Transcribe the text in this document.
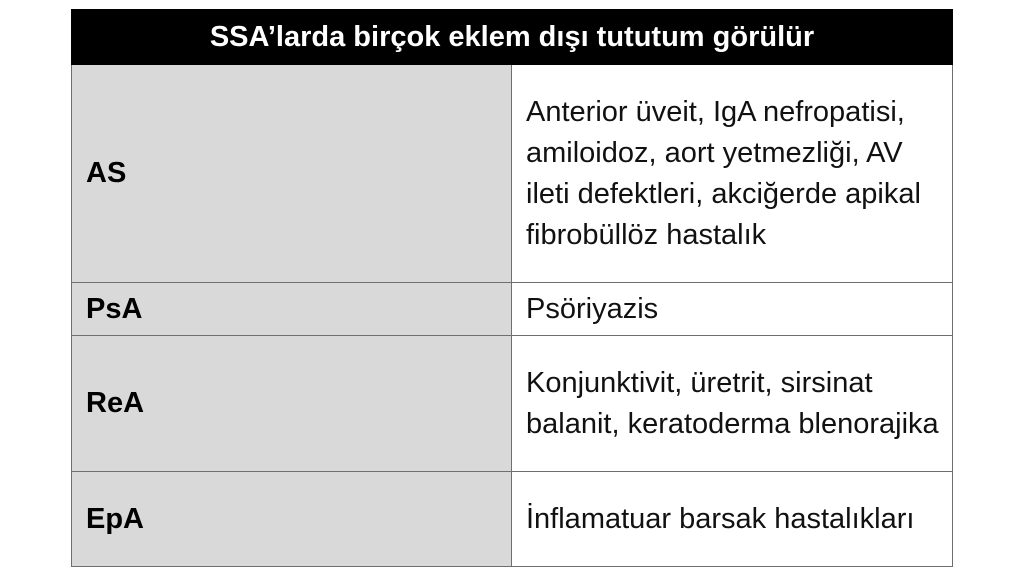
SSA’larda birçok eklem dışı tututum görülür	
AS	Anterior üveit, IgA nefropatisi, amiloidoz, aort yetmezliği, AV ileti defektleri, akciğerde apikal fibrobüllöz hastalık
PsA	Psöriyazis
ReA	Konjunktivit, üretrit, sirsinat balanit, keratoderma blenorajika
EpA	İnflamatuar barsak hastalıkları
